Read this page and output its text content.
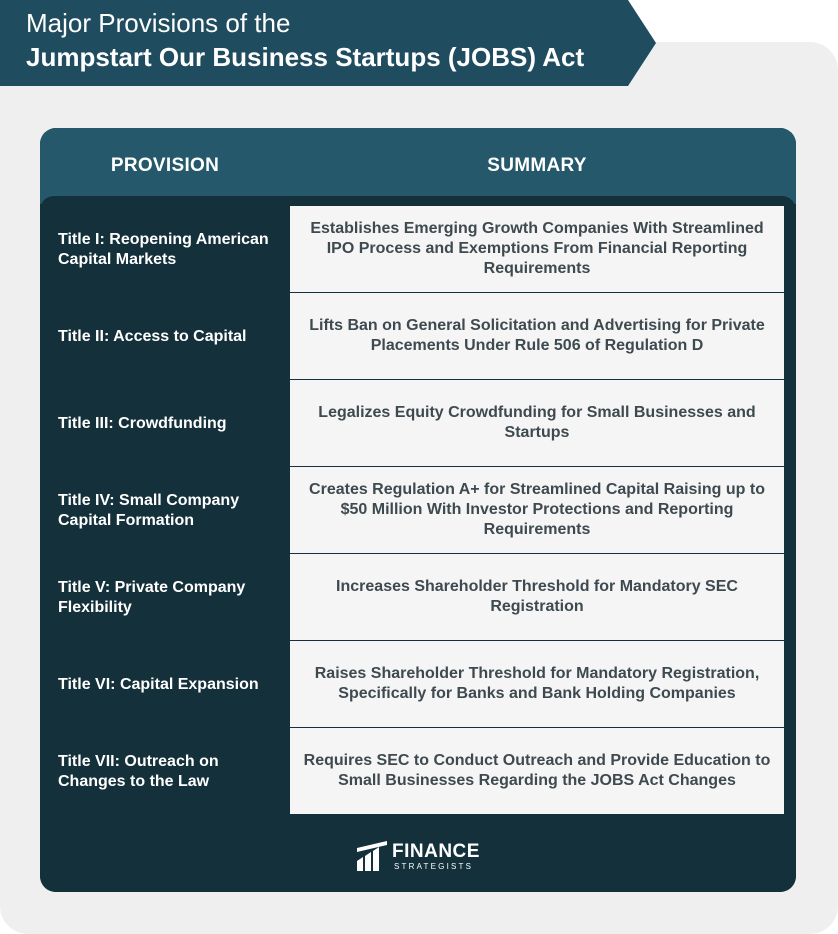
Major Provisions of the
Jumpstart Our Business Startups (JOBS) Act
PROVISION	SUMMARY
Title I: Reopening American Capital Markets
Establishes Emerging Growth Companies With Streamlined IPO Process and Exemptions From Financial Reporting Requirements
Title II: Access to Capital
Lifts Ban on General Solicitation and Advertising for Private Placements Under Rule 506 of Regulation D
Title III: Crowdfunding
Legalizes Equity Crowdfunding for Small Businesses and Startups
Title IV: Small Company Capital Formation
Creates Regulation A+ for Streamlined Capital Raising up to $50 Million With Investor Protections and Reporting Requirements
Title V: Private Company Flexibility
Increases Shareholder Threshold for Mandatory SEC Registration
Title VI: Capital Expansion
Raises Shareholder Threshold for Mandatory Registration, Specifically for Banks and Bank Holding Companies
Title VII: Outreach on Changes to the Law
Requires SEC to Conduct Outreach and Provide Education to Small Businesses Regarding the JOBS Act Changes
FINANCE
STRATEGISTS
